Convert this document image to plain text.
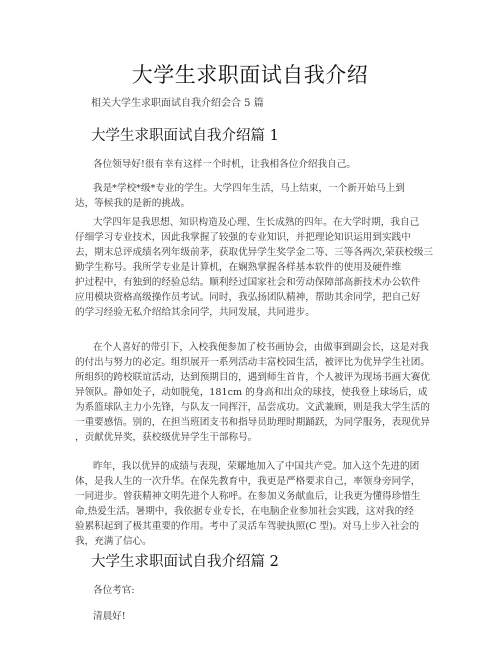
大学生求职面试自我介绍
相关大学生求职面试自我介绍会合 5 篇
大学生求职面试自我介绍篇 1
各位领导好!很有幸有这样一个时机，让我相各位介绍我自己。
我是*学校*级*专业的学生。大学四年生活，马上结束，一个新开始马上到
达，等候我的是新的挑战。
大学四年是我思想、知识构造及心理、生长成熟的四年。在大学时期，我自己
仔细学习专业技术，因此我掌握了较强的专业知识，并把理论知识运用到实践中
去，期末总评成绩名列年级前茅，获取优异学生奖学金二等、三等各两次,荣获校级三
勤学生称号。我所学专业是计算机，在娴熟掌握各样基本软件的使用及硬件维
护过程中，有独到的经验总结。顺利经过国家社会和劳动保障部高新技术办公软件
应用模块资格高级操作员考试。同时，我弘扬团队精神，帮助其余同学，把自己好
的学习经验无私介绍给其余同学，共同发展，共同进步。
在个人喜好的带引下，入校我便参加了校书画协会，由做事到副会长，这是对我
的付出与努力的必定。组织展开一系列活动丰富校园生活，被评比为优异学生社团。
所组织的跨校联谊活动，达到预期目的，遇到师生首肯，个人被评为现场书画大赛优
异领队。静如处子，动如脱兔，181cm 的身高和出众的球技，使我登上球场后，成
为系篮球队主力小先锋，与队友一同挥汗，品尝成功。文武兼顾，则是我大学生活的
一重要感悟。别的，在担当班团支书和指导员助理时期踊跃，为同学服务，表现优异
，贡献优异奖，获校级优异学生干部称号。
昨年，我以优异的成绩与表现，荣耀地加入了中国共产党。加入这个先进的团
体，是我人生的一次升华。在保先教育中，我更是严格要求自己，率领身旁同学，
一同进步。曾获精神文明先进个人称呼。在参加义务献血后，让我更为懂得珍惜生
命,热爱生活。暑期中，我依据专业专长，在电脑企业参加社会实践，这对我的经
验累积起到了极其重要的作用。考中了灵活车驾驶执照(C 型)。对马上步入社会的
我，充满了信心。
大学生求职面试自我介绍篇 2
各位考官:
清晨好!
